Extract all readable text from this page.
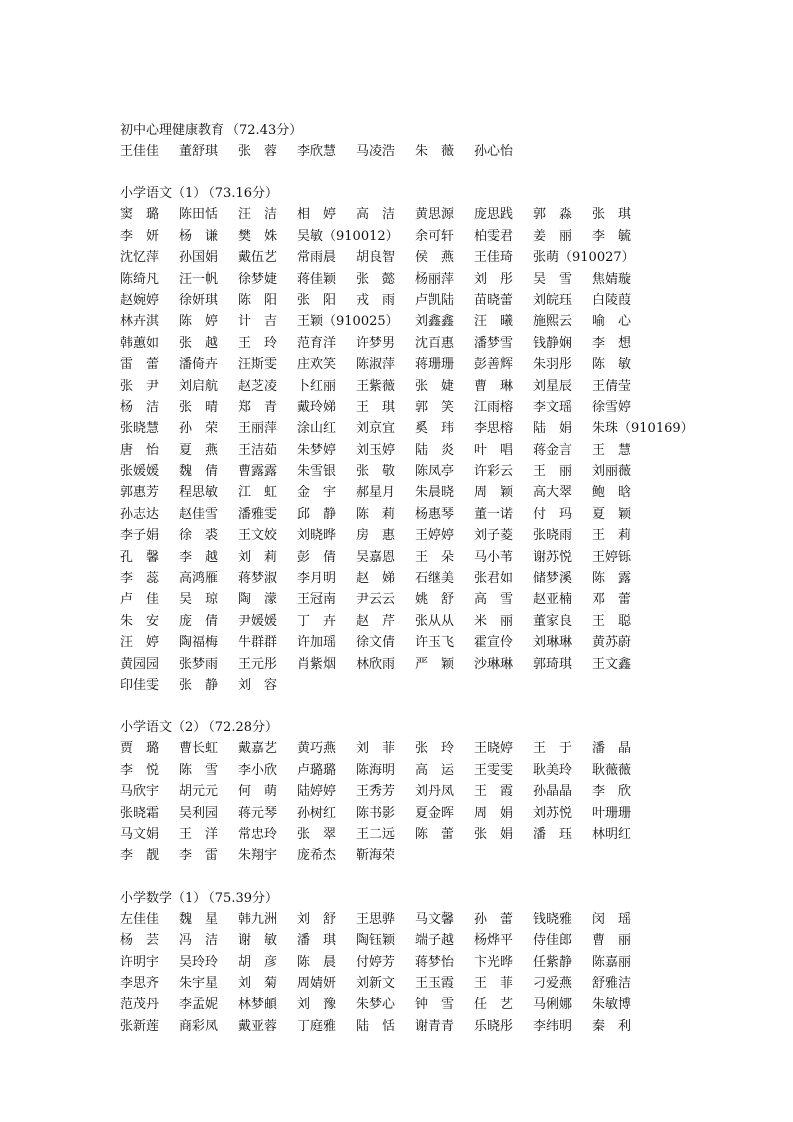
初中心理健康教育 （72.43分）
王佳佳	董舒琪	张　蓉	李欣慧	马凌浩	朱　薇	孙心怡
小学语文（1） （73.16分）
窦　璐	陈田恬	汪　洁	相　婷	高　洁	黄思源	庞思践	郭　淼	张　琪
李　妍	杨　谦	樊　姝	吴敏（910012）	余可轩	柏雯君	姜　丽	李　毓
沈忆萍	孙国娟	戴伍艺	常雨晨	胡良智	侯　燕	王佳琦	张萌（910027）
陈绮凡	汪一帆	徐梦婕	蒋佳颖	张　懿	杨丽萍	刘　彤	吴　雪	焦婧璇
赵婉婷	徐妍琪	陈　阳	张　阳	戎　雨	卢凯陆	苗晓蕾	刘皖珏	白陵葭
林卉淇	陈　婷	计　吉	王颖（910025）	刘鑫鑫	汪　曦	施熙云	喻　心
韩蕙如	张　越	王　玲	范育洋	许梦男	沈百惠	潘梦雪	钱静娴	李　想
雷　蕾	潘倚卉	汪斯雯	庄欢笑	陈淑萍	蒋珊珊	彭善辉	朱羽彤	陈　敏
张　尹	刘启航	赵芝凌	卜红丽	王紫薇	张　婕	曹　琳	刘星辰	王倩莹
杨　洁	张　晴	郑　青	戴玲娣	王　琪	郭　笑	江雨榕	李文瑶	徐雪婷
张晓慧	孙　荣	王丽萍	涂山红	刘京宜	奚　玮	李思榕	陆　娟	朱珠（910169）
唐　怡	夏　燕	王洁茹	朱梦婷	刘玉婷	陆　炎	叶　唱	蒋金言	王　慧
张媛媛	魏　倩	曹露露	朱雪银	张　敬	陈凤亭	许彩云	王　丽	刘丽薇
郭惠芳	程思敏	江　虹	金　宇	郝星月	朱晨晓	周　颖	高大翠	鲍　晗
孙志达	赵佳雪	潘雅雯	邱　静	陈　莉	杨惠琴	董一诺	付　玛	夏　颖
李子娟	徐　裘	王文姣	刘晓晔	房　惠	王婷婷	刘子菱	张晓雨	王　莉
孔　馨	李　越	刘　莉	彭　倩	吴嘉恩	王　朵	马小苇	谢苏悦	王婷铄
李　蕊	高鸿雁	蒋梦淑	李月明	赵　娣	石继美	张君如	储梦溪	陈　露
卢　佳	吴　琼	陶　濛	王冠南	尹云云	姚　舒	高　雪	赵亚楠	邓　蕾
朱　安	庞　倩	尹媛媛	丁　卉	赵　芹	张从从	米　丽	董家良	王　聪
汪　婷	陶福梅	牛群群	许加瑶	徐文倩	许玉飞	霍宣伶	刘琳琳	黄苏蔚
黄园园	张梦雨	王元彤	肖紫烟	林欣雨	严　颖	沙琳琳	郭琦琪	王文鑫
印佳雯	张　静	刘　容
小学语文（2） （72.28分）
贾　璐	曹长虹	戴嘉艺	黄巧燕	刘　菲	张　玲	王晓婷	王　于	潘　晶
李　悦	陈　雪	李小欣	卢璐璐	陈海明	高　运	王雯雯	耿美玲	耿薇薇
马欣宇	胡元元	何　萌	陆婷婷	王秀芳	刘丹凤	王　霞	孙晶晶	李　欣
张晓霜	吴利园	蒋元琴	孙树红	陈书影	夏金晖	周　娟	刘苏悦	叶珊珊
马文娟	王　洋	常忠玲	张　翠	王二远	陈　蕾	张　娟	潘　珏	林明红
李　靓	李　雷	朱翔宇	庞希杰	靳海荣
小学数学（1） （75.39分）
左佳佳	魏　星	韩九洲	刘　舒	王思骅	马文馨	孙　蕾	钱晓雅	闵　瑶
杨　芸	冯　洁	谢　敏	潘　琪	陶钰颖	端子越	杨烨平	侍佳郎	曹　丽
许明宇	吴玲玲	胡　彦	陈　晨	付婷芳	蒋梦怡	卞光晔	任紫静	陈嘉丽
李思齐	朱宇星	刘　菊	周婧妍	刘新文	王玉霞	王　菲	刁爱燕	舒雅洁
范茂丹	李孟妮	林梦頔	刘　豫	朱梦心	钟　雪	任　艺	马俐娜	朱敏博
张新莲	商彩凤	戴亚蓉	丁庭雅	陆　恬	谢青青	乐晓彤	李纬明	秦　利
